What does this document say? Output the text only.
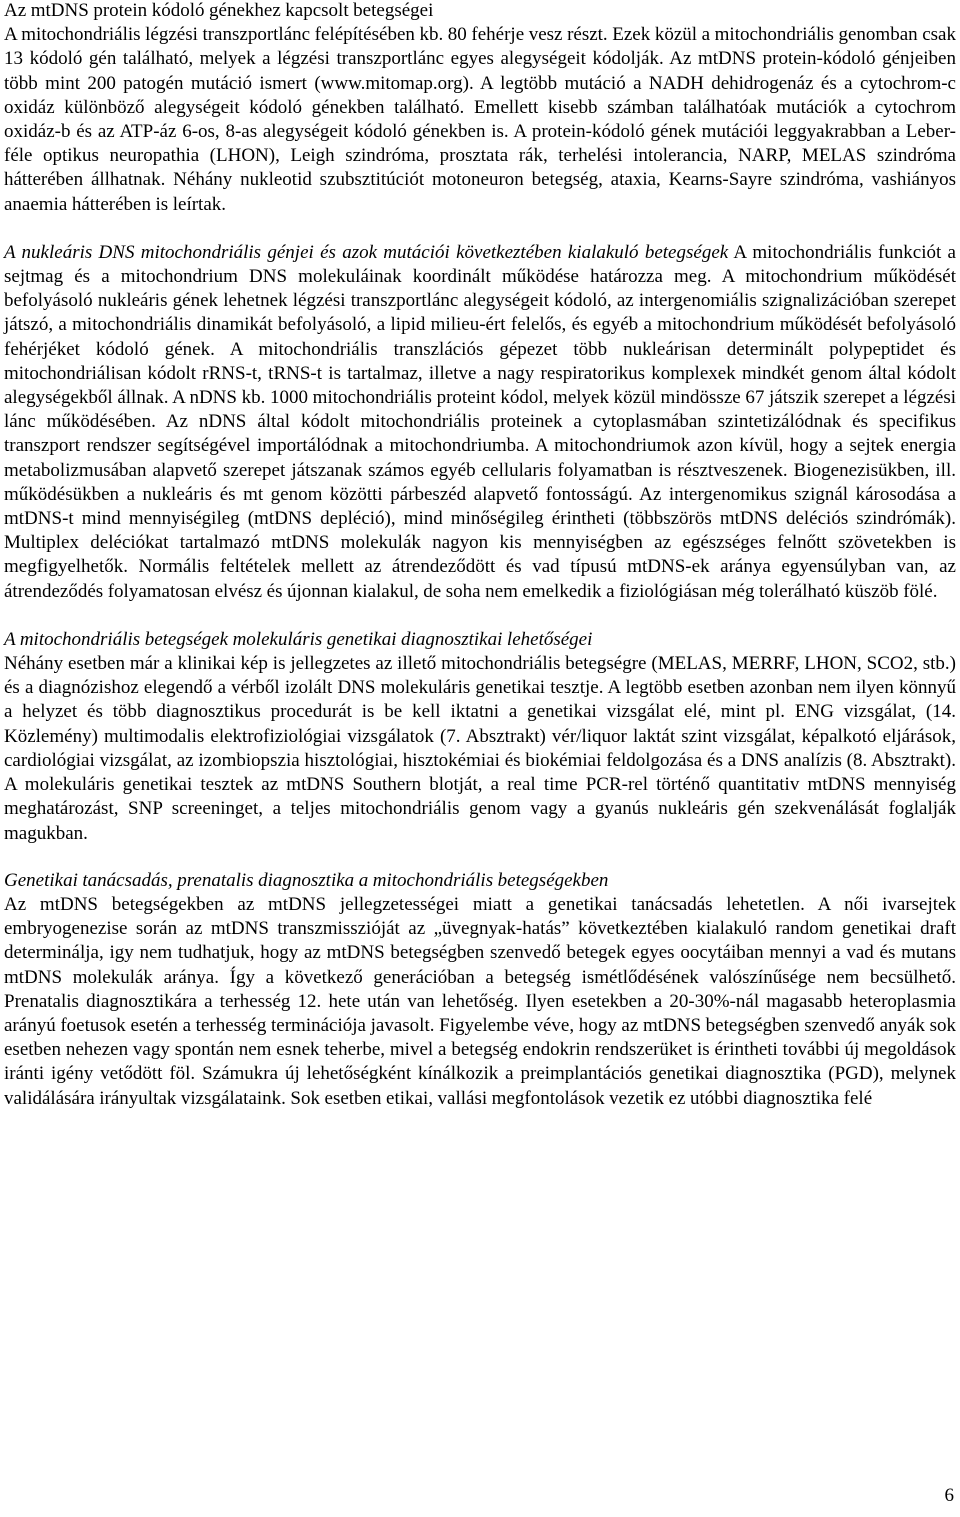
Az mtDNS protein kódoló génekhez kapcsolt betegségei
A mitochondriális légzési transzportlánc felépítésében kb. 80 fehérje vesz részt. Ezek közül a mitochondriális genomban csak 13 kódoló gén található, melyek a légzési transzportlánc egyes alegységeit kódolják. Az mtDNS protein-kódoló génjeiben több mint 200 patogén mutáció ismert (www.mitomap.org). A legtöbb mutáció a NADH dehidrogenáz és a cytochrom-c oxidáz különböző alegységeit kódoló génekben található. Emellett kisebb számban találhatóak mutációk a cytochrom oxidáz-b és az ATP-áz 6-os, 8-as alegységeit kódoló génekben is. A protein-kódoló gének mutációi leggyakrabban a Leber-féle optikus neuropathia (LHON), Leigh szindróma, prosztata rák, terhelési intolerancia, NARP, MELAS szindróma hátterében állhatnak. Néhány nukleotid szubsztitúciót motoneuron betegség, ataxia, Kearns-Sayre szindróma, vashiányos anaemia hátterében is leírtak.
A nukleáris DNS mitochondriális génjei és azok mutációi következtében kialakuló betegségek A mitochondriális funkciót a sejtmag és a mitochondrium DNS molekuláinak koordinált működése határozza meg. A mitochondrium működését befolyásoló nukleáris gének lehetnek légzési transzportlánc alegységeit kódoló, az intergenomiális szignalizációban szerepet játszó, a mitochondriális dinamikát befolyásoló, a lipid milieu-ért felelős, és egyéb a mitochondrium működését befolyásoló fehérjéket kódoló gének. A mitochondriális transzlációs gépezet több nukleárisan determinált polypeptidet és mitochondriálisan kódolt rRNS-t, tRNS-t is tartalmaz, illetve a nagy respiratorikus komplexek mindkét genom által kódolt alegységekből állnak. A nDNS kb. 1000 mitochondriális proteint kódol, melyek közül mindössze 67 játszik szerepet a légzési lánc működésében. Az nDNS által kódolt mitochondriális proteinek a cytoplasmában szintetizálódnak és specifikus transzport rendszer segítségével importálódnak a mitochondriumba. A mitochondriumok azon kívül, hogy a sejtek energia metabolizmusában alapvető szerepet játszanak számos egyéb cellularis folyamatban is résztveszenek. Biogenezisükben, ill. működésükben a nukleáris és mt genom közötti párbeszéd alapvető fontosságú. Az intergenomikus szignál károsodása a mtDNS-t mind mennyiségileg (mtDNS depléció), mind minőségileg érintheti (többszörös mtDNS deléciós szindrómák). Multiplex deléciókat tartalmazó mtDNS molekulák nagyon kis mennyiségben az egészséges felnőtt szövetekben is megfigyelhetők. Normális feltételek mellett az átrendeződött és vad típusú mtDNS-ek aránya egyensúlyban van, az átrendeződés folyamatosan elvész és újonnan kialakul, de soha nem emelkedik a fiziológiásan még tolerálható küszöb fölé.
A mitochondriális betegségek molekuláris genetikai diagnosztikai lehetőségei
Néhány esetben már a klinikai kép is jellegzetes az illető mitochondriális betegségre (MELAS, MERRF, LHON, SCO2, stb.) és a diagnózishoz elegendő a vérből izolált DNS molekuláris genetikai tesztje. A legtöbb esetben azonban nem ilyen könnyű a helyzet és több diagnosztikus procedurát is be kell iktatni a genetikai vizsgálat elé, mint pl. ENG vizsgálat, (14. Közlemény) multimodalis elektrofiziológiai vizsgálatok (7. Absztrakt) vér/liquor laktát szint vizsgálat, képalkotó eljárások, cardiológiai vizsgálat, az izombiopszia hisztológiai, hisztokémiai és biokémiai feldolgozása és a DNS analízis (8. Absztrakt). A molekuláris genetikai tesztek az mtDNS Southern blotját, a real time PCR-rel történő quantitativ mtDNS mennyiség meghatározást, SNP screeninget, a teljes mitochondriális genom vagy a gyanús nukleáris gén szekvenálását foglalják magukban.
Genetikai tanácsadás, prenatalis diagnosztika a mitochondriális betegségekben
Az mtDNS betegségekben az mtDNS jellegzetességei miatt a genetikai tanácsadás lehetetlen. A női ivarsejtek embryogenezise során az mtDNS transzmisszióját az „üvegnyak-hatás” következtében kialakuló random genetikai draft determinálja, igy nem tudhatjuk, hogy az mtDNS betegségben szenvedő betegek egyes oocytáiban mennyi a vad és mutans mtDNS molekulák aránya. Így a következő generációban a betegség ismétlődésének valószínűsége nem becsülhető. Prenatalis diagnosztikára a terhesség 12. hete után van lehetőség. Ilyen esetekben a 20-30%-nál magasabb heteroplasmia arányú foetusok esetén a terhesség terminációja javasolt. Figyelembe véve, hogy az mtDNS betegségben szenvedő anyák sok esetben nehezen vagy spontán nem esnek teherbe, mivel a betegség endokrin rendszerüket is érintheti további új megoldások iránti igény vetődött föl. Számukra új lehetőségként kínálkozik a preimplantációs genetikai diagnosztika (PGD), melynek validálására irányultak vizsgálataink. Sok esetben etikai, vallási megfontolások vezetik ez utóbbi diagnosztika felé
6
